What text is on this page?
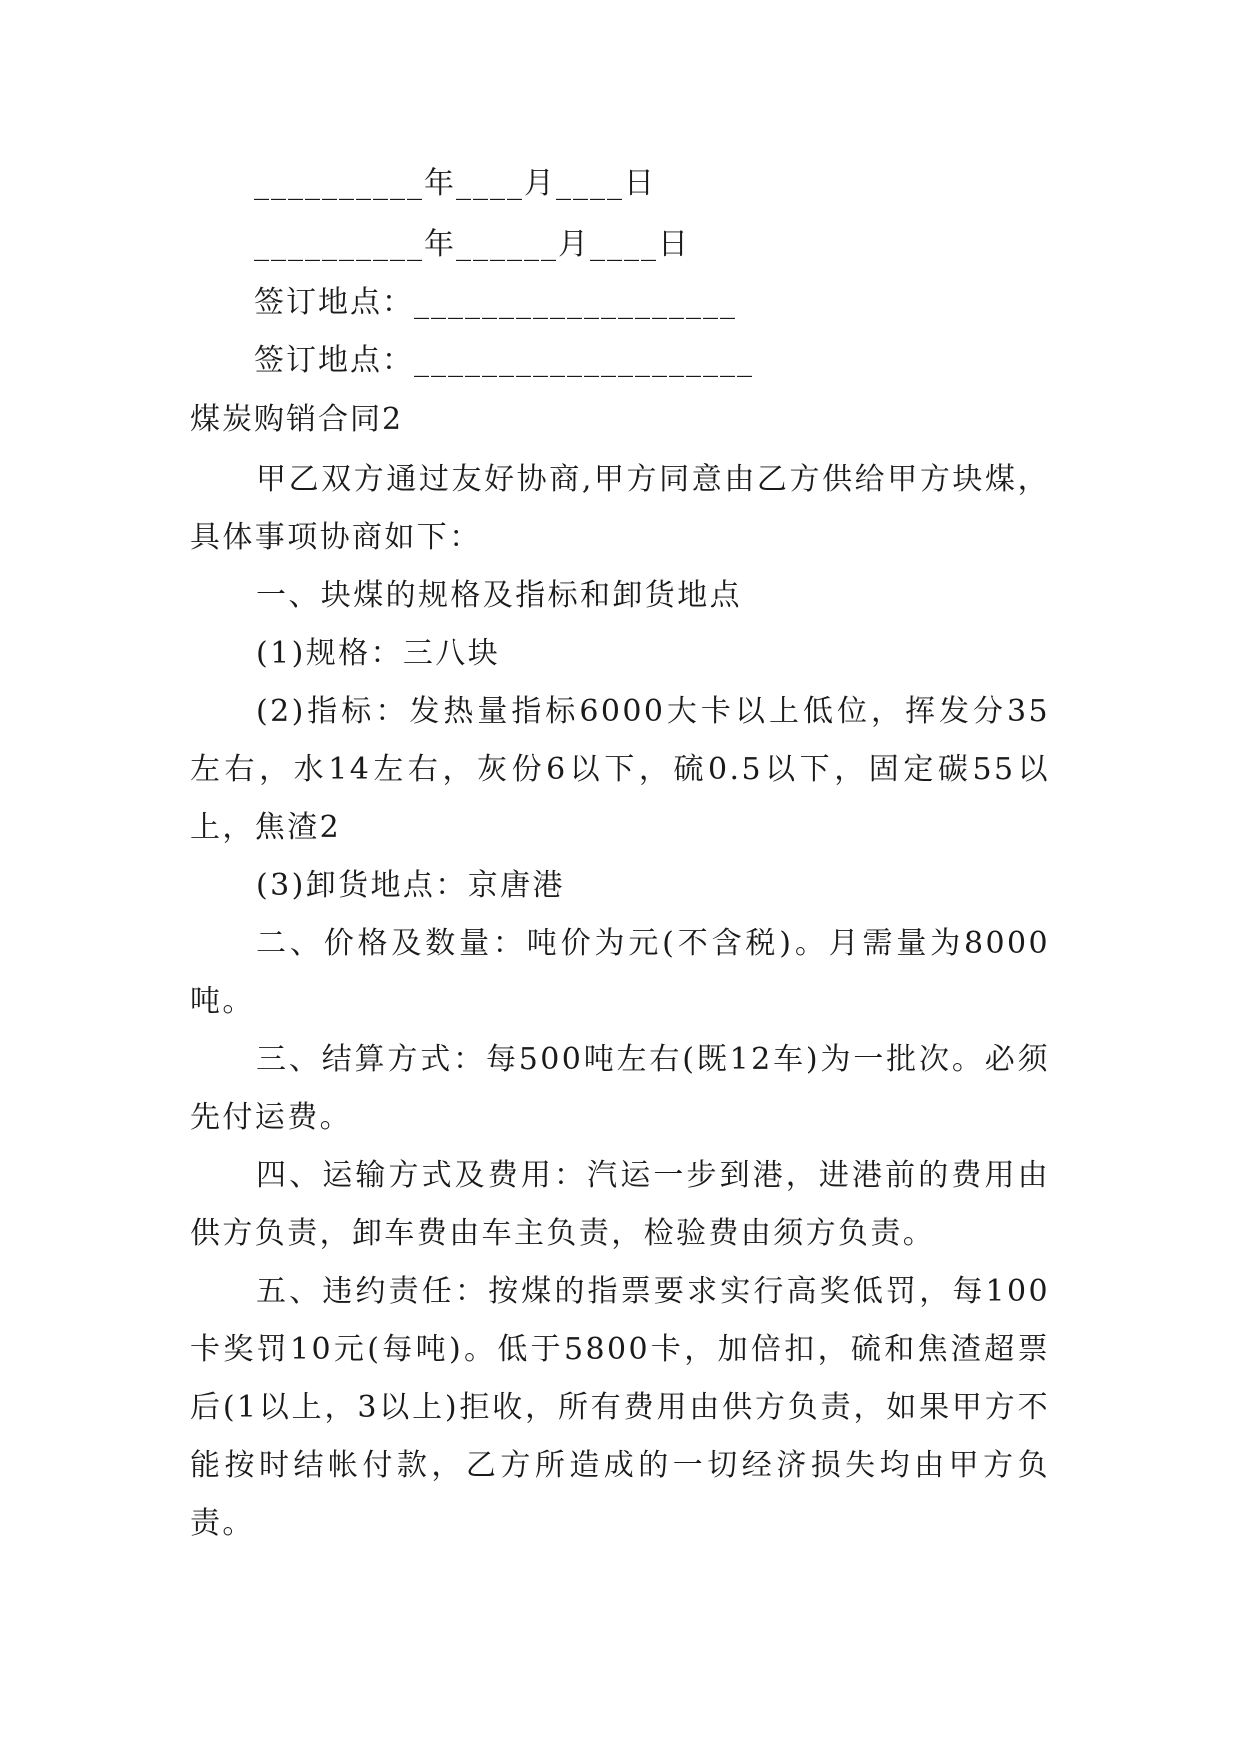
__________年____月____日

__________年______月____日

签订地点：___________________

签订地点：____________________

煤炭购销合同2

甲乙双方通过友好协商,甲方同意由乙方供给甲方块煤，具体事项协商如下：

一、块煤的规格及指标和卸货地点

(1)规格：三八块

(2)指标：发热量指标6000大卡以上低位，挥发分35左右，水14左右，灰份6以下，硫0.5以下，固定碳55以上，焦渣2

(3)卸货地点：京唐港

二、价格及数量：吨价为元(不含税)。月需量为8000吨。

三、结算方式：每500吨左右(既12车)为一批次。必须先付运费。

四、运输方式及费用：汽运一步到港，进港前的费用由供方负责，卸车费由车主负责，检验费由须方负责。

五、违约责任：按煤的指票要求实行高奖低罚，每100卡奖罚10元(每吨)。低于5800卡，加倍扣，硫和焦渣超票后(1以上，3以上)拒收，所有费用由供方负责，如果甲方不能按时结帐付款，乙方所造成的一切经济损失均由甲方负责。
